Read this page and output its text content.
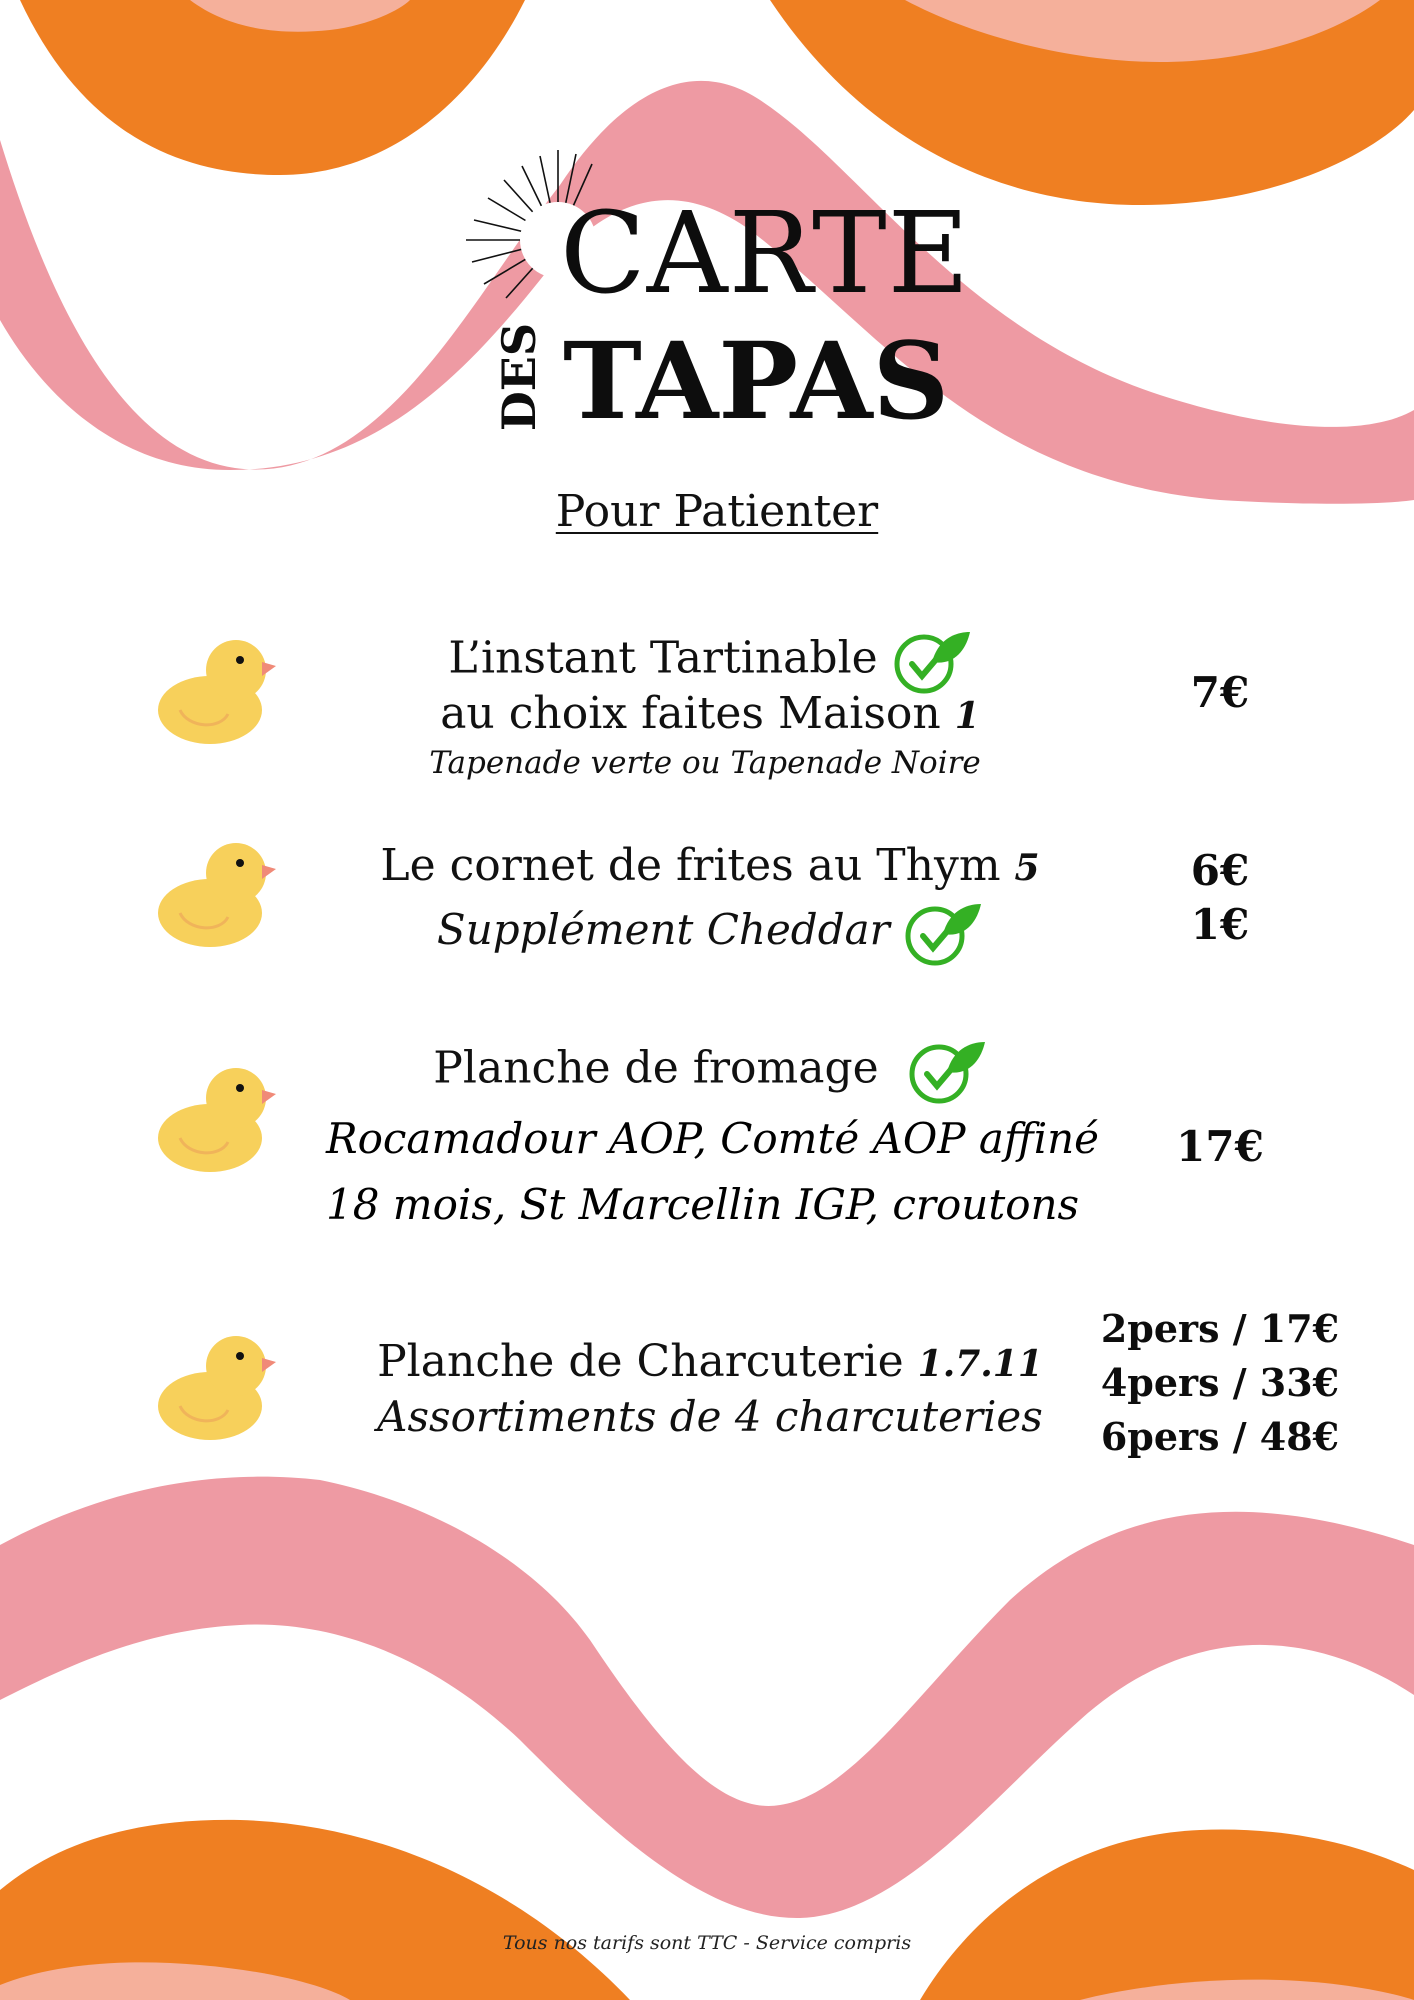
CARTE
DES TAPAS
Pour Patienter
L’instant Tartinable
au choix faites Maison 1
Tapenade verte ou Tapenade Noire
7€
Le cornet de frites au Thym 5
Supplément Cheddar
6€
1€
Planche de fromage
Rocamadour AOP, Comté AOP affiné
18 mois, St Marcellin IGP, croutons
17€
Planche de Charcuterie 1.7.11
Assortiments de 4 charcuteries
2pers / 17€
4pers / 33€
6pers / 48€
Tous nos tarifs sont TTC - Service compris
